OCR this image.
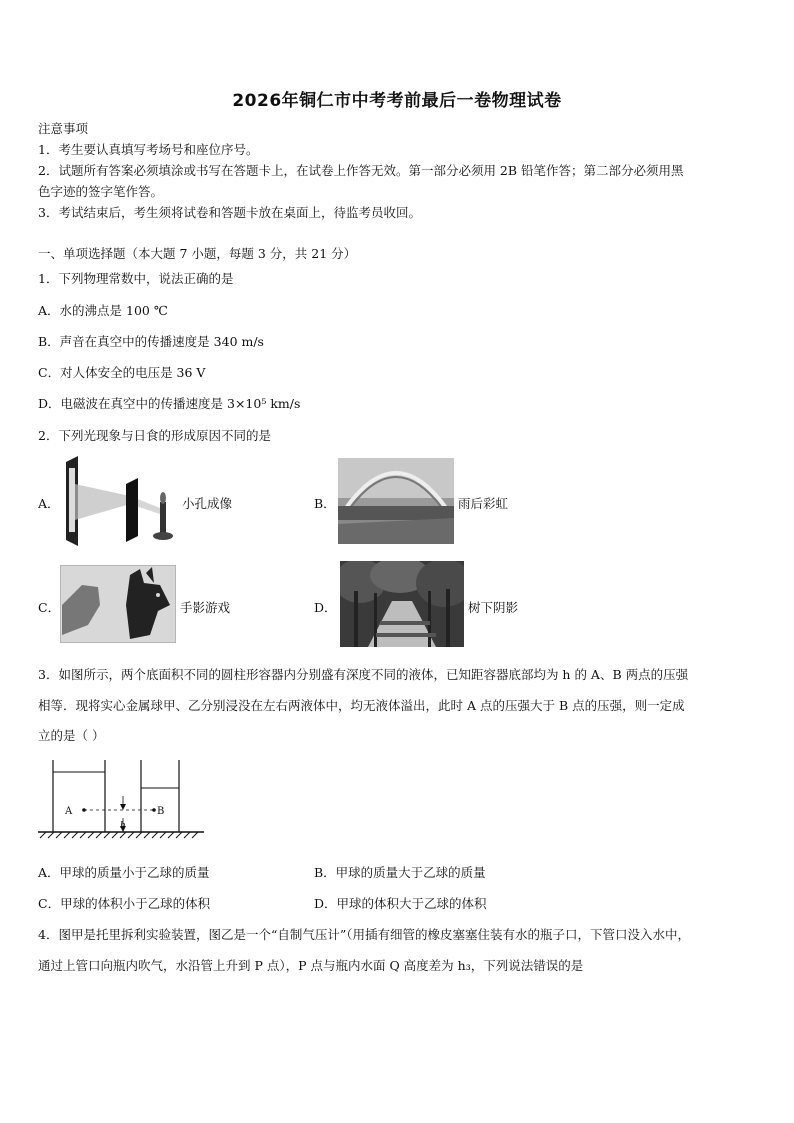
2026年铜仁市中考考前最后一卷物理试卷
注意事项
1．考生要认真填写考场号和座位序号。
2．试题所有答案必须填涂或书写在答题卡上，在试卷上作答无效。第一部分必须用 2B 铅笔作答；第二部分必须用黑
色字迹的签字笔作答。
3．考试结束后，考生须将试卷和答题卡放在桌面上，待监考员收回。
一、单项选择题（本大题 7 小题，每题 3 分，共 21 分）
1．下列物理常数中，说法正确的是
A．水的沸点是 100 ℃
B．声音在真空中的传播速度是 340 m/s
C．对人体安全的电压是 36 V
D．电磁波在真空中的传播速度是 3×10⁵ km/s
2．下列光现象与日食的形成原因不同的是
A．	小孔成像	B．	雨后彩虹
C．	手影游戏	D．	树下阴影
3．如图所示，两个底面积不同的圆柱形容器内分别盛有深度不同的液体，已知距容器底部均为 h 的 A、B 两点的压强
相等．现将实心金属球甲、乙分别浸没在左右两液体中，均无液体溢出，此时 A 点的压强大于 B 点的压强，则一定成
立的是（ ）
A	B
h
A．甲球的质量小于乙球的质量	B．甲球的质量大于乙球的质量
C．甲球的体积小于乙球的体积	D．甲球的体积大于乙球的体积
4．图甲是托里拆利实验装置，图乙是一个“自制气压计”（用插有细管的橡皮塞塞住装有水的瓶子口，下管口没入水中，
通过上管口向瓶内吹气，水沿管上升到 P 点），P 点与瓶内水面 Q 高度差为 h₃，下列说法错误的是
